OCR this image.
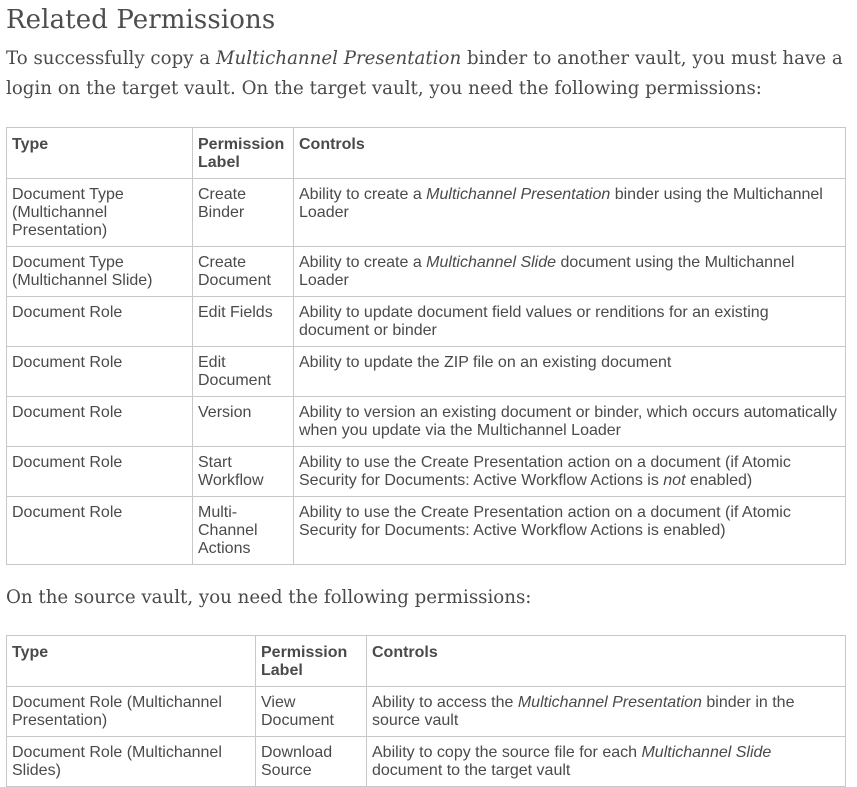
Related Permissions

To successfully copy a Multichannel Presentation binder to another vault, you must have a login on the target vault. On the target vault, you need the following permissions:

Type	Permission Label	Controls
Document Type (Multichannel Presentation)	Create Binder	Ability to create a Multichannel Presentation binder using the Multichannel Loader
Document Type (Multichannel Slide)	Create Document	Ability to create a Multichannel Slide document using the Multichannel Loader
Document Role	Edit Fields	Ability to update document field values or renditions for an existing document or binder
Document Role	Edit Document	Ability to update the ZIP file on an existing document
Document Role	Version	Ability to version an existing document or binder, which occurs automatically when you update via the Multichannel Loader
Document Role	Start Workflow	Ability to use the Create Presentation action on a document (if Atomic Security for Documents: Active Workflow Actions is not enabled)
Document Role	Multi-Channel Actions	Ability to use the Create Presentation action on a document (if Atomic Security for Documents: Active Workflow Actions is enabled)

On the source vault, you need the following permissions:

Type	Permission Label	Controls
Document Role (Multichannel Presentation)	View Document	Ability to access the Multichannel Presentation binder in the source vault
Document Role (Multichannel Slides)	Download Source	Ability to copy the source file for each Multichannel Slide document to the target vault
